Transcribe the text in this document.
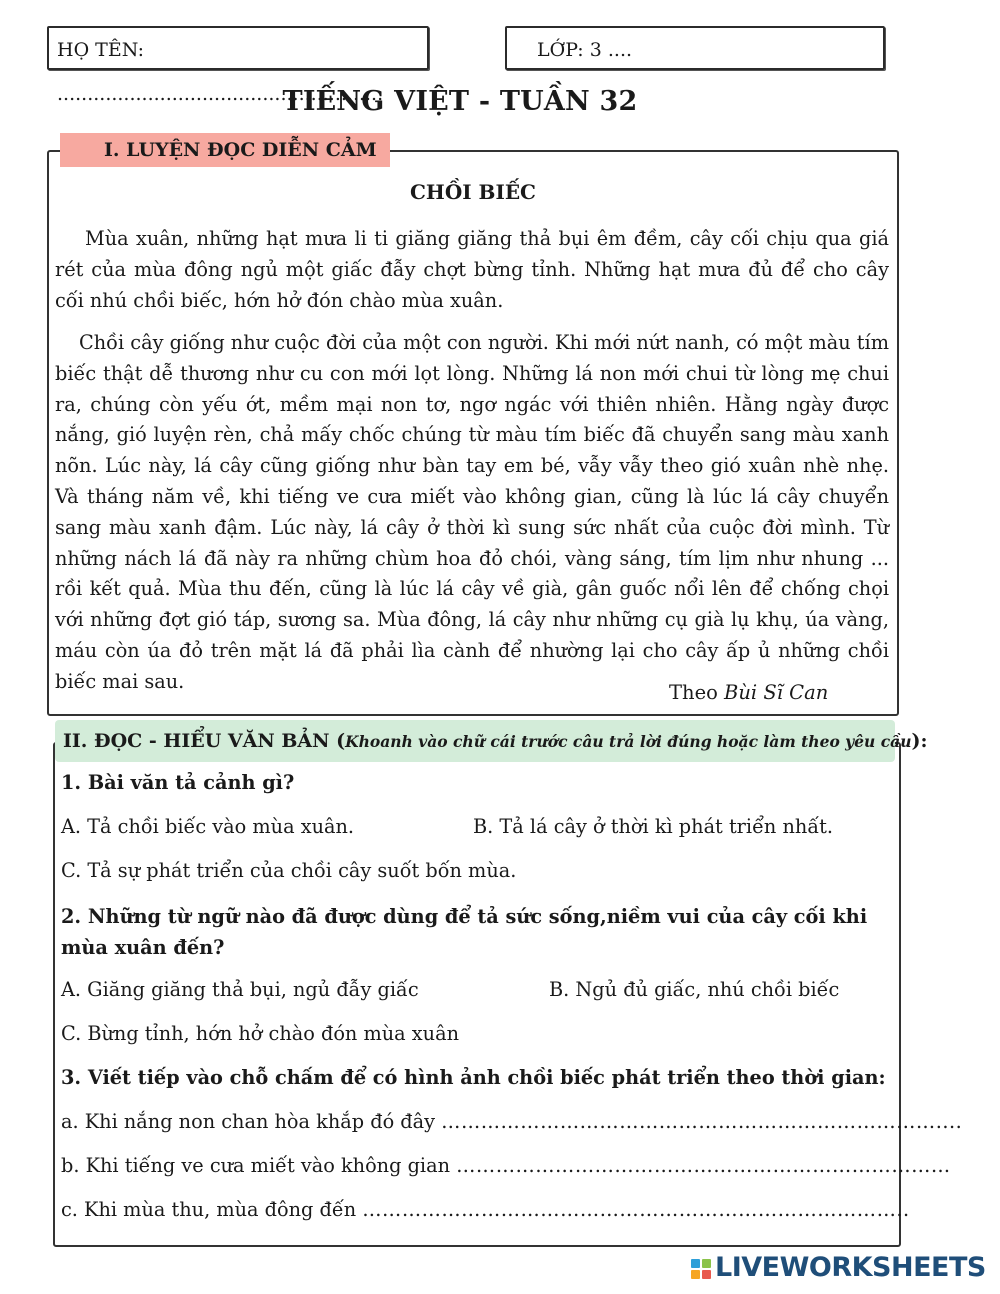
HỌ TÊN: ......................................................
LỚP: 3 ....
TIẾNG VIỆT - TUẦN 32
I. LUYỆN ĐỌC DIỄN CẢM
CHỒI BIẾC

Mùa xuân, những hạt mưa li ti giăng giăng thả bụi êm đềm, cây cối chịu qua giá rét của mùa đông ngủ một giấc đẫy chợt bừng tỉnh. Những hạt mưa đủ để cho cây cối nhú chồi biếc, hớn hở đón chào mùa xuân.

Chồi cây giống như cuộc đời của một con người. Khi mới nứt nanh, có một màu tím biếc thật dễ thương như cu con mới lọt lòng. Những lá non mới chui từ lòng mẹ chui ra, chúng còn yếu ớt, mềm mại non tơ, ngơ ngác với thiên nhiên. Hằng ngày được nắng, gió luyện rèn, chả mấy chốc chúng từ màu tím biếc đã chuyển sang màu xanh nõn. Lúc này, lá cây cũng giống như bàn tay em bé, vẫy vẫy theo gió xuân nhè nhẹ. Và tháng năm về, khi tiếng ve cưa miết vào không gian, cũng là lúc lá cây chuyển sang màu xanh đậm. Lúc này, lá cây ở thời kì sung sức nhất của cuộc đời mình. Từ những nách lá đã này ra những chùm hoa đỏ chói, vàng sáng, tím lịm như nhung ... rồi kết quả. Mùa thu đến, cũng là lúc lá cây về già, gân guốc nổi lên để chống chọi với những đợt gió táp, sương sa. Mùa đông, lá cây như những cụ già lụ khụ, úa vàng, máu còn úa đỏ trên mặt lá đã phải lìa cành để nhường lại cho cây ấp ủ những chồi biếc mai sau.	Theo Bùi Sĩ Can
II. ĐỌC - HIỂU VĂN BẢN (Khoanh vào chữ cái trước câu trả lời đúng hoặc làm theo yêu cầu):
1. Bài văn tả cảnh gì?
A. Tả chồi biếc vào mùa xuân.	B. Tả lá cây ở thời kì phát triển nhất.
C. Tả sự phát triển của chồi cây suốt bốn mùa.
2. Những từ ngữ nào đã được dùng để tả sức sống,niềm vui của cây cối khi mùa xuân đến?
A. Giăng giăng thả bụi, ngủ đẫy giấc	B. Ngủ đủ giấc, nhú chồi biếc
C. Bừng tỉnh, hớn hở chào đón mùa xuân
3. Viết tiếp vào chỗ chấm để có hình ảnh chồi biếc phát triển theo thời gian:
a. Khi nắng non chan hòa khắp đó đây …………………………………………………………………....
b. Khi tiếng ve cưa miết vào không gian …………………………………………………………………
c. Khi mùa thu, mùa đông đến ………………………………………………………………………..
LIVEWORKSHEETS
